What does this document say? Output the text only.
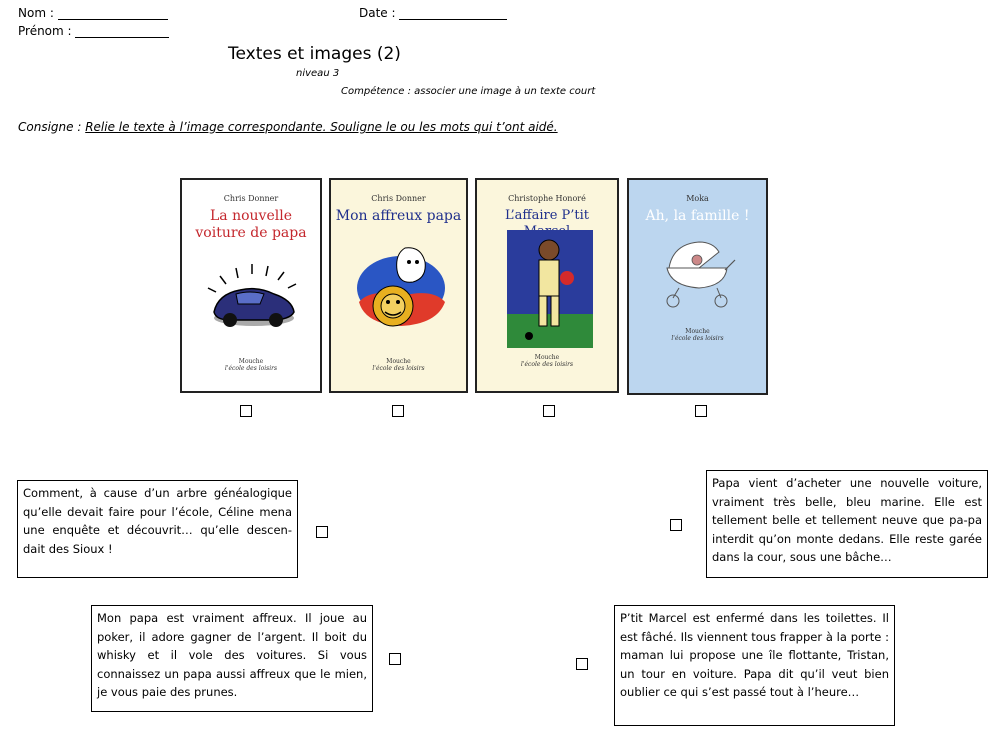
Nom :
Prénom :
Date :
Textes et images (2)
niveau 3
Compétence : associer une image à un texte court
Consigne : Relie le texte à l’image correspondante. Souligne le ou les mots qui t’ont aidé.
Chris Donner
La nouvelle voiture de papa
Mouche
l'école des loisirs
Chris Donner
Mon affreux papa
Mouche
l'école des loisirs
Christophe Honoré
L’affaire P’tit
Mouche
l'école des loisirs
Moka
Ah, la famille !
Mouche
l'école des loisirs
Comment, à cause d’un arbre généalogique qu’elle devait faire pour l’école, Céline mena une enquête et découvrit… qu’elle descen-dait des Sioux !
Papa vient d’acheter une nouvelle voiture, vraiment très belle, bleu marine. Elle est tellement belle et tellement neuve que pa-pa interdit qu’on monte dedans. Elle reste garée dans la cour, sous une bâche…
Mon papa est vraiment affreux. Il joue au poker, il adore gagner de l’argent. Il boit du whisky et il vole des voitures. Si vous connaissez un papa aussi affreux que le mien, je vous paie des prunes.
P’tit Marcel est enfermé dans les toilettes. Il est fâché. Ils viennent tous frapper à la porte : maman lui propose une île flottante, Tristan, un tour en voiture. Papa dit qu’il veut bien oublier ce qui s’est passé tout à l’heure…
